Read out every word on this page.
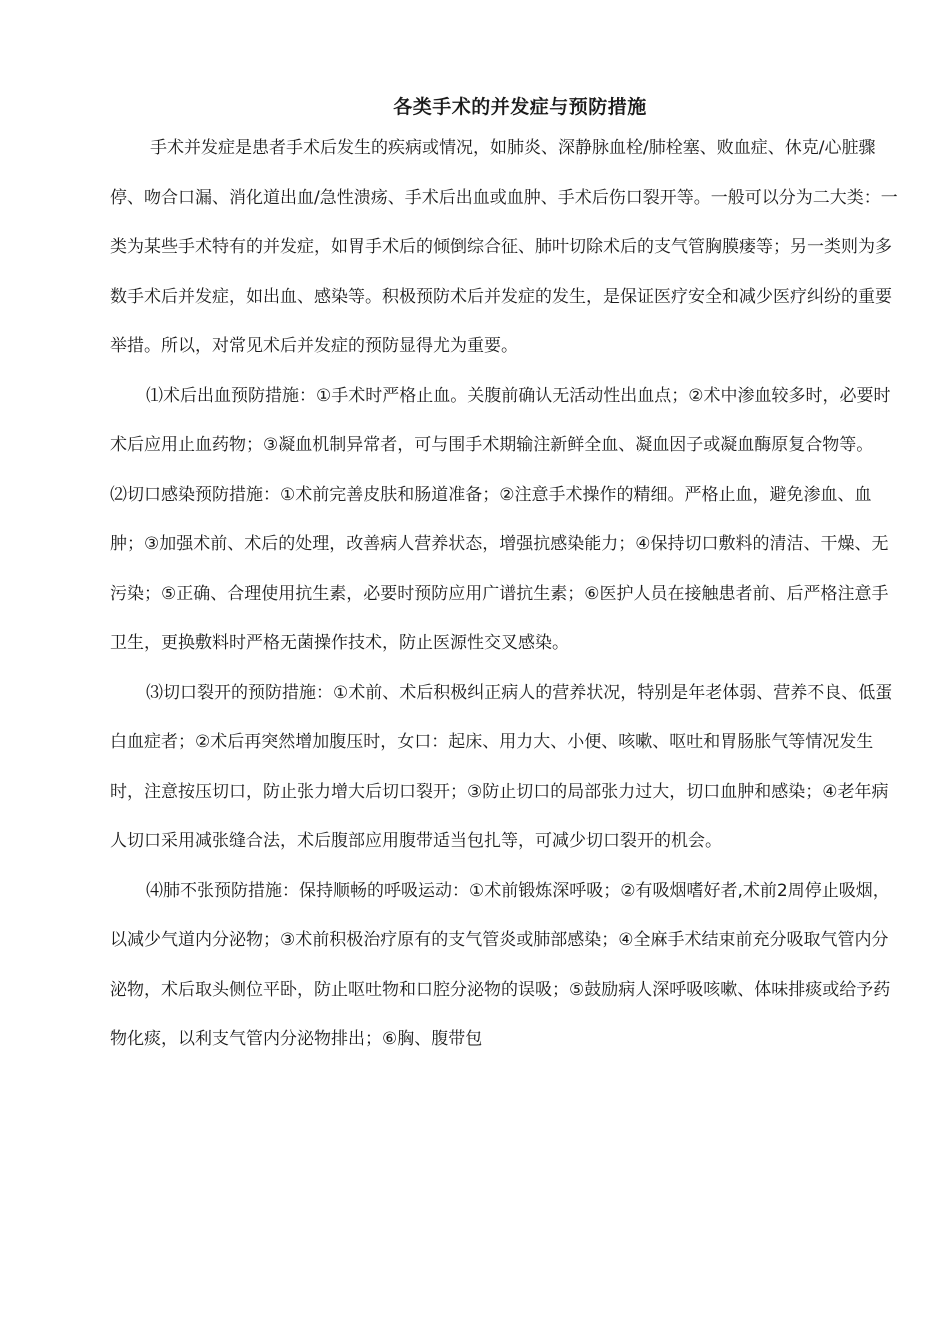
各类手术的并发症与预防措施

手术并发症是患者手术后发生的疾病或情况，如肺炎、深静脉血栓/肺栓塞、败血症、休克/心脏骤停、吻合口漏、消化道出血/急性溃疡、手术后出血或血肿、手术后伤口裂开等。一般可以分为二大类：一类为某些手术特有的并发症，如胃手术后的倾倒综合征、肺叶切除术后的支气管胸膜瘘等；另一类则为多数手术后并发症，如出血、感染等。积极预防术后并发症的发生，是保证医疗安全和减少医疗纠纷的重要举措。所以，对常见术后并发症的预防显得尤为重要。

⑴术后出血预防措施：①手术时严格止血。关腹前确认无活动性出血点；②术中渗血较多时，必要时术后应用止血药物；③凝血机制异常者，可与围手术期输注新鲜全血、凝血因子或凝血酶原复合物等。

⑵切口感染预防措施：①术前完善皮肤和肠道准备；②注意手术操作的精细。严格止血，避免渗血、血肿；③加强术前、术后的处理，改善病人营养状态，增强抗感染能力；④保持切口敷料的清洁、干燥、无污染；⑤正确、合理使用抗生素，必要时预防应用广谱抗生素；⑥医护人员在接触患者前、后严格注意手卫生，更换敷料时严格无菌操作技术，防止医源性交叉感染。

⑶切口裂开的预防措施：①术前、术后积极纠正病人的营养状况，特别是年老体弱、营养不良、低蛋白血症者；②术后再突然增加腹压时，女口：起床、用力大、小便、咳嗽、呕吐和胃肠胀气等情况发生时，注意按压切口，防止张力增大后切口裂开；③防止切口的局部张力过大，切口血肿和感染；④老年病人切口采用减张缝合法，术后腹部应用腹带适当包扎等，可减少切口裂开的机会。

⑷肺不张预防措施：保持顺畅的呼吸运动：①术前锻炼深呼吸；②有吸烟嗜好者,术前2周停止吸烟，以减少气道内分泌物；③术前积极治疗原有的支气管炎或肺部感染；④全麻手术结束前充分吸取气管内分泌物，术后取头侧位平卧，防止呕吐物和口腔分泌物的误吸；⑤鼓励病人深呼吸咳嗽、体味排痰或给予药物化痰，以利支气管内分泌物排出；⑥胸、腹带包
